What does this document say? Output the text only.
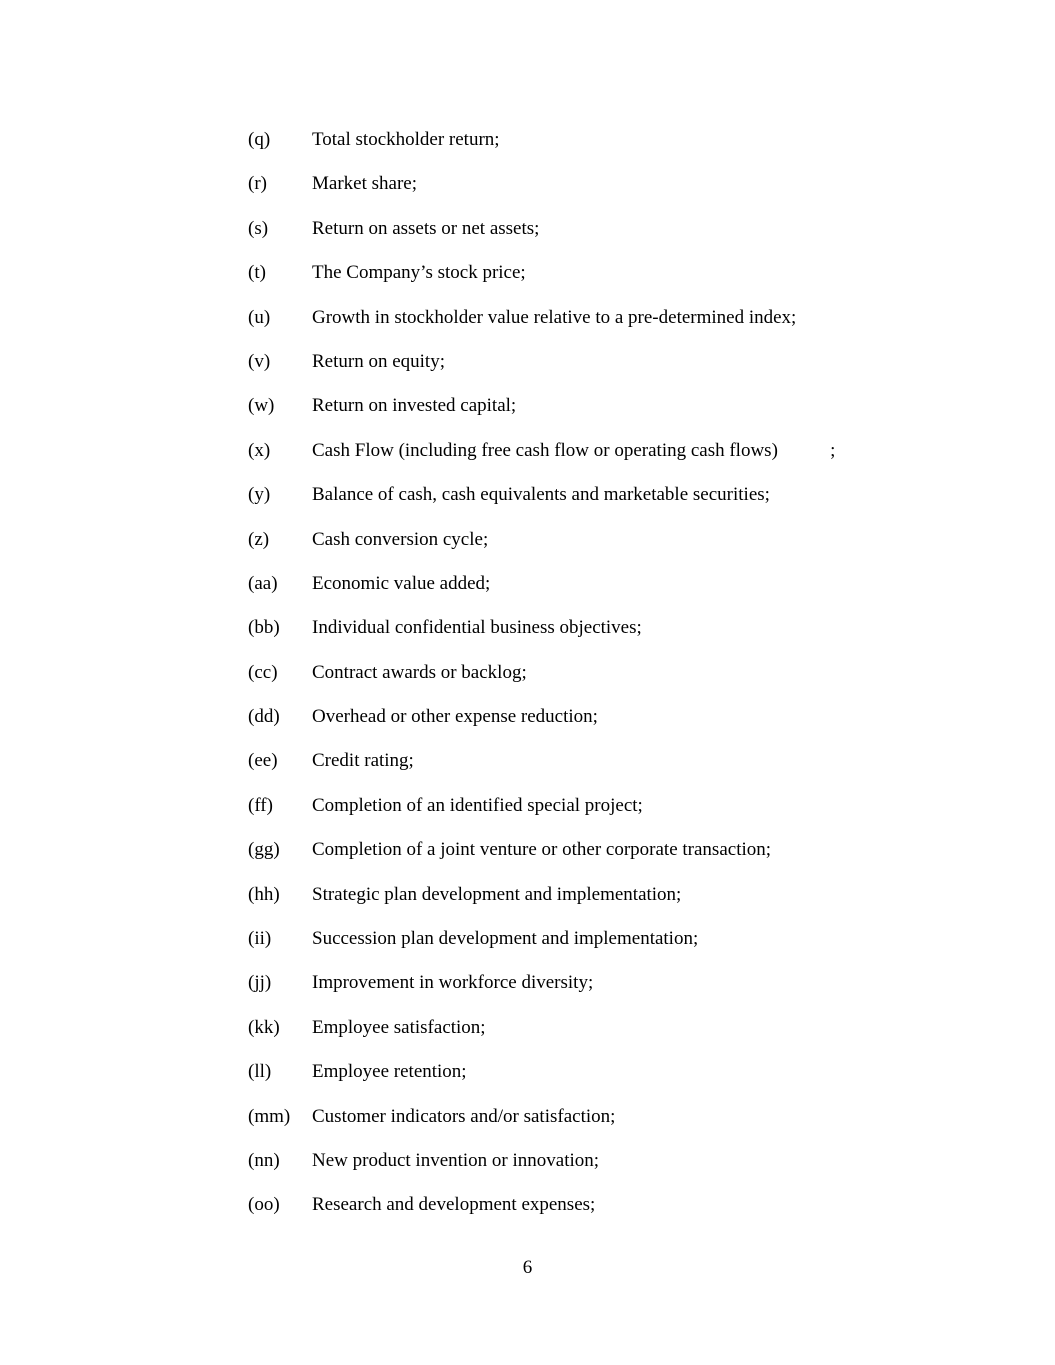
(q)	Total stockholder return;
(r)	Market share;
(s)	Return on assets or net assets;
(t)	The Company’s stock price;
(u)	Growth in stockholder value relative to a pre-determined index;
(v)	Return on equity;
(w)	Return on invested capital;
(x)	Cash Flow (including free cash flow or operating cash flows)           ;
(y)	Balance of cash, cash equivalents and marketable securities;
(z)	Cash conversion cycle;
(aa)	Economic value added;
(bb)	Individual confidential business objectives;
(cc)	Contract awards or backlog;
(dd)	Overhead or other expense reduction;
(ee)	Credit rating;
(ff)	Completion of an identified special project;
(gg)	Completion of a joint venture or other corporate transaction;
(hh)	Strategic plan development and implementation;
(ii)	Succession plan development and implementation;
(jj)	Improvement in workforce diversity;
(kk)	Employee satisfaction;
(ll)	Employee retention;
(mm)	Customer indicators and/or satisfaction;
(nn)	New product invention or innovation;
(oo)	Research and development expenses;
6
